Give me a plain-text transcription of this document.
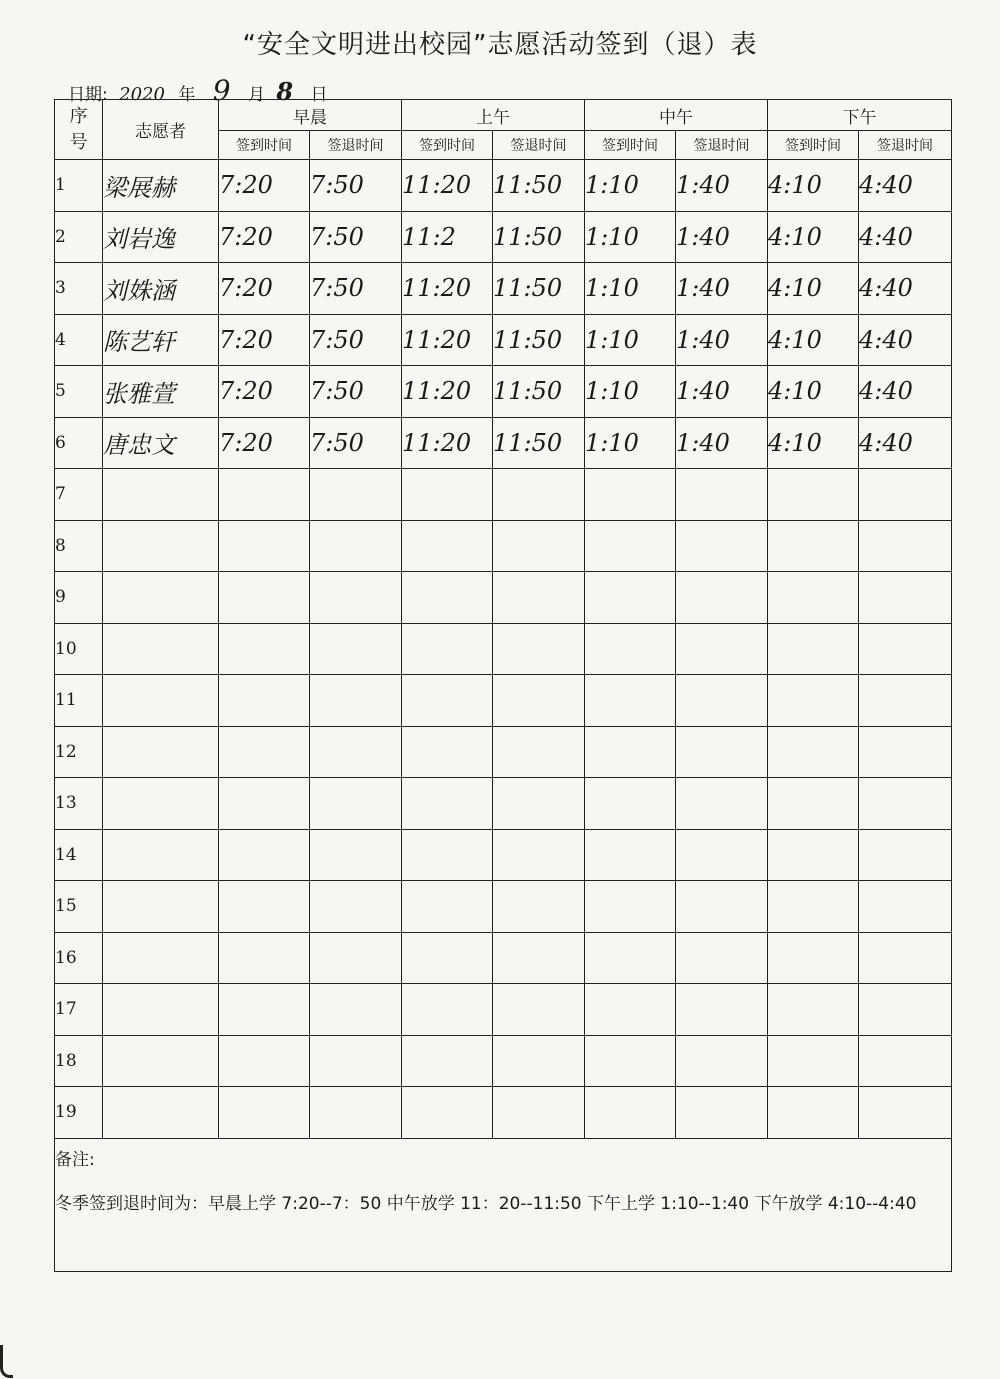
“安全文明进出校园”志愿活动签到（退）表
日期: 2020 年 9 月 8 日
序号	志愿者	早晨		上午		中午		下午	
		签到时间	签退时间	签到时间	签退时间	签到时间	签退时间	签到时间	签退时间
1	梁展赫	7:20	7:50	11:20	11:50	1:10	1:40	4:10	4:40
2	刘岩逸	7:20	7:50	11:2	11:50	1:10	1:40	4:10	4:40
3	刘姝涵	7:20	7:50	11:20	11:50	1:10	1:40	4:10	4:40
4	陈艺轩	7:20	7:50	11:20	11:50	1:10	1:40	4:10	4:40
5	张雅萱	7:20	7:50	11:20	11:50	1:10	1:40	4:10	4:40
6	唐忠文	7:20	7:50	11:20	11:50	1:10	1:40	4:10	4:40
7									
8									
9									
10									
11									
12									
13									
14									
15									
16									
17									
18									
19									

备注:
冬季签到退时间为：早晨上学 7:20--7：50 中午放学 11：20--11:50 下午上学 1:10--1:40 下午放学 4:10--4:40									
